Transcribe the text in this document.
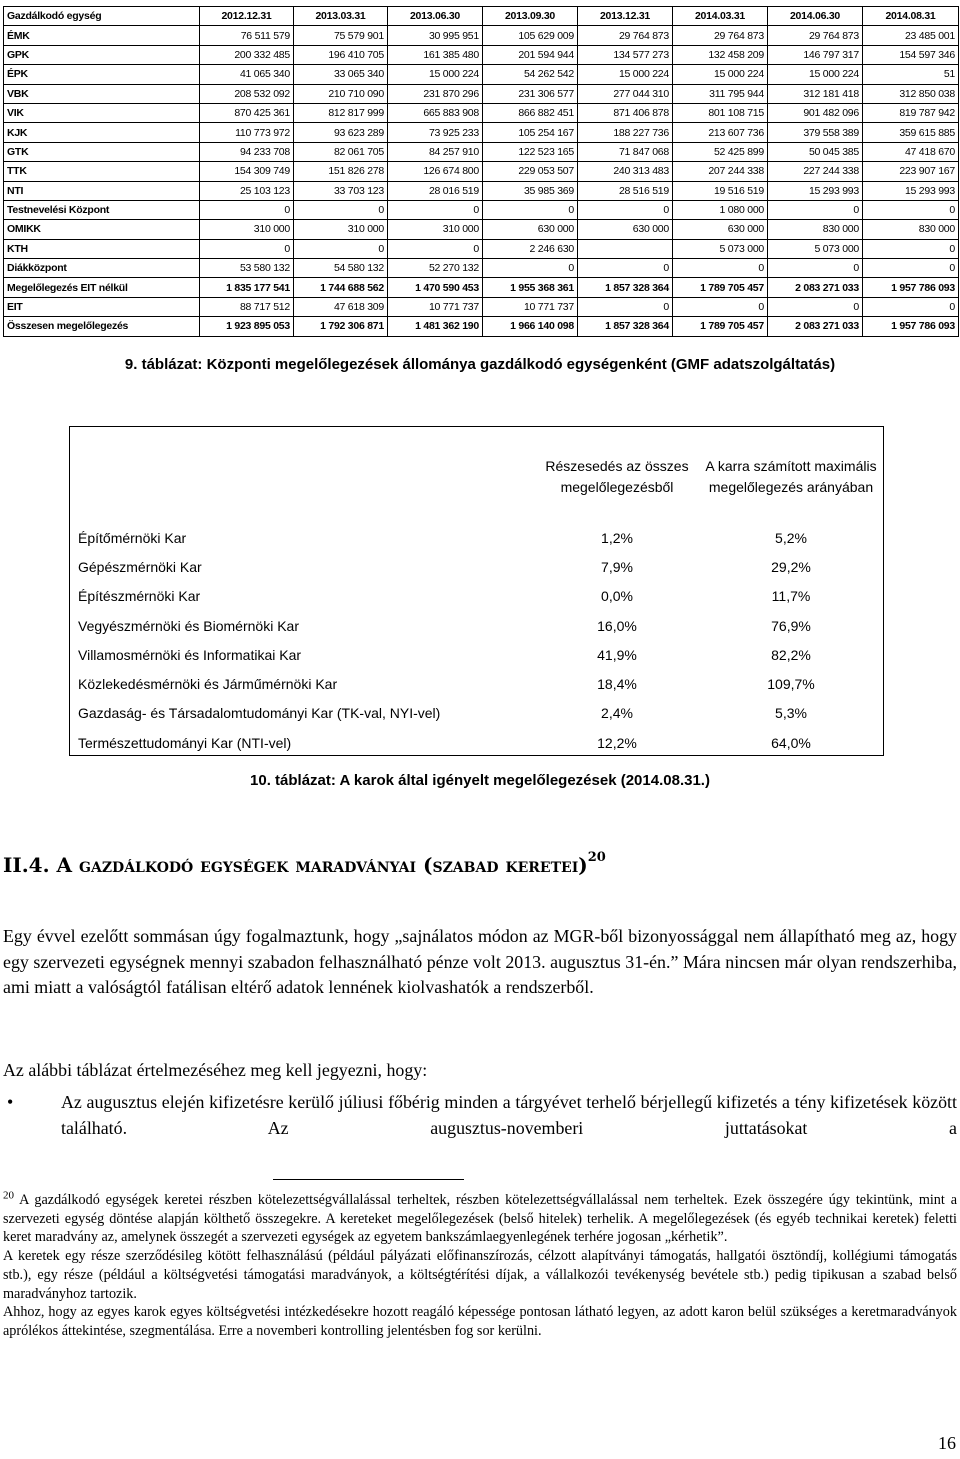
Gazdálkodó egység	2012.12.31	2013.03.31	2013.06.30	2013.09.30	2013.12.31	2014.03.31	2014.06.30	2014.08.31
ÉMK	76 511 579	75 579 901	30 995 951	105 629 009	29 764 873	29 764 873	29 764 873	23 485 001
GPK	200 332 485	196 410 705	161 385 480	201 594 944	134 577 273	132 458 209	146 797 317	154 597 346
ÉPK	41 065 340	33 065 340	15 000 224	54 262 542	15 000 224	15 000 224	15 000 224	51
VBK	208 532 092	210 710 090	231 870 296	231 306 577	277 044 310	311 795 944	312 181 418	312 850 038
VIK	870 425 361	812 817 999	665 883 908	866 882 451	871 406 878	801 108 715	901 482 096	819 787 942
KJK	110 773 972	93 623 289	73 925 233	105 254 167	188 227 736	213 607 736	379 558 389	359 615 885
GTK	94 233 708	82 061 705	84 257 910	122 523 165	71 847 068	52 425 899	50 045 385	47 418 670
TTK	154 309 749	151 826 278	126 674 800	229 053 507	240 313 483	207 244 338	227 244 338	223 907 167
NTI	25 103 123	33 703 123	28 016 519	35 985 369	28 516 519	19 516 519	15 293 993	15 293 993
Testnevelési Központ	0	0	0	0	0	1 080 000	0	0
OMIKK	310 000	310 000	310 000	630 000	630 000	630 000	830 000	830 000
KTH	0	0	0	2 246 630		5 073 000	5 073 000	0
Diákközpont	53 580 132	54 580 132	52 270 132	0	0	0	0	0
Megelőlegezés EIT nélkül	1 835 177 541	1 744 688 562	1 470 590 453	1 955 368 361	1 857 328 364	1 789 705 457	2 083 271 033	1 957 786 093
EIT	88 717 512	47 618 309	10 771 737	10 771 737	0	0	0	0
Összesen megelőlegezés	1 923 895 053	1 792 306 871	1 481 362 190	1 966 140 098	1 857 328 364	1 789 705 457	2 083 271 033	1 957 786 093
9. táblázat: Központi megelőlegezések állománya gazdálkodó egységenként (GMF adatszolgáltatás)
	Részesedés az összes megelőlegezésből	A karra számított maximális megelőlegezés arányában
Építőmérnöki Kar	1,2%	5,2%
Gépészmérnöki Kar	7,9%	29,2%
Építészmérnöki Kar	0,0%	11,7%
Vegyészmérnöki és Biomérnöki Kar	16,0%	76,9%
Villamosmérnöki és Informatikai Kar	41,9%	82,2%
Közlekedésmérnöki és Járműmérnöki Kar	18,4%	109,7%
Gazdaság- és Társadalomtudományi Kar (TK-val, NYI-vel)	2,4%	5,3%
Természettudományi Kar (NTI-vel)	12,2%	64,0%
10. táblázat: A karok által igényelt megelőlegezések (2014.08.31.)
II.4. A gazdálkodó egységek maradványai (szabad keretei)$^{20}$
Egy évvel ezelőtt sommásan úgy fogalmaztunk, hogy „sajnálatos módon az MGR-ből bizonyossággal nem állapítható meg az, hogy egy szervezeti egységnek mennyi szabadon felhasználható pénze volt 2013. augusztus 31-én.” Mára nincsen már olyan rendszerhiba, ami miatt a valóságtól fatálisan eltérő adatok lennének kiolvashatók a rendszerből.
Az alábbi táblázat értelmezéséhez meg kell jegyezni, hogy:
•	Az augusztus elején kifizetésre kerülő júliusi főbérig minden a tárgyévet terhelő bérjellegű kifizetés a tény kifizetések között található. Az augusztus-novemberi juttatásokat a

$^{20}$ A gazdálkodó egységek keretei részben kötelezettségvállalással terheltek, részben kötelezettségvállalással nem terheltek. Ezek összegére úgy tekintünk, mint a szervezeti egység döntése alapján költhető összegekre. A kereteket megelőlegezések (belső hitelek) terhelik. A megelőlegezések (és egyéb technikai keretek) feletti keret maradvány az, amelynek összegét a szervezeti egységek az egyetem bankszámlaegyenlegének terhére jogosan „kérhetik”.

A keretek egy része szerződésileg kötött felhasználású (például pályázati előfinanszírozás, célzott alapítványi támogatás, hallgatói ösztöndíj, kollégiumi támogatás stb.), egy része (például a költségvetési támogatási maradványok, a költségtérítési díjak, a vállalkozói tevékenység bevétele stb.) pedig tipikusan a szabad belső maradványhoz tartozik.

Ahhoz, hogy az egyes karok egyes költségvetési intézkedésekre hozott reagáló képessége pontosan látható legyen, az adott karon belül szükséges a keretmaradványok aprólékos áttekintése, szegmentálása. Erre a novemberi kontrolling jelentésben fog sor kerülni.

16
